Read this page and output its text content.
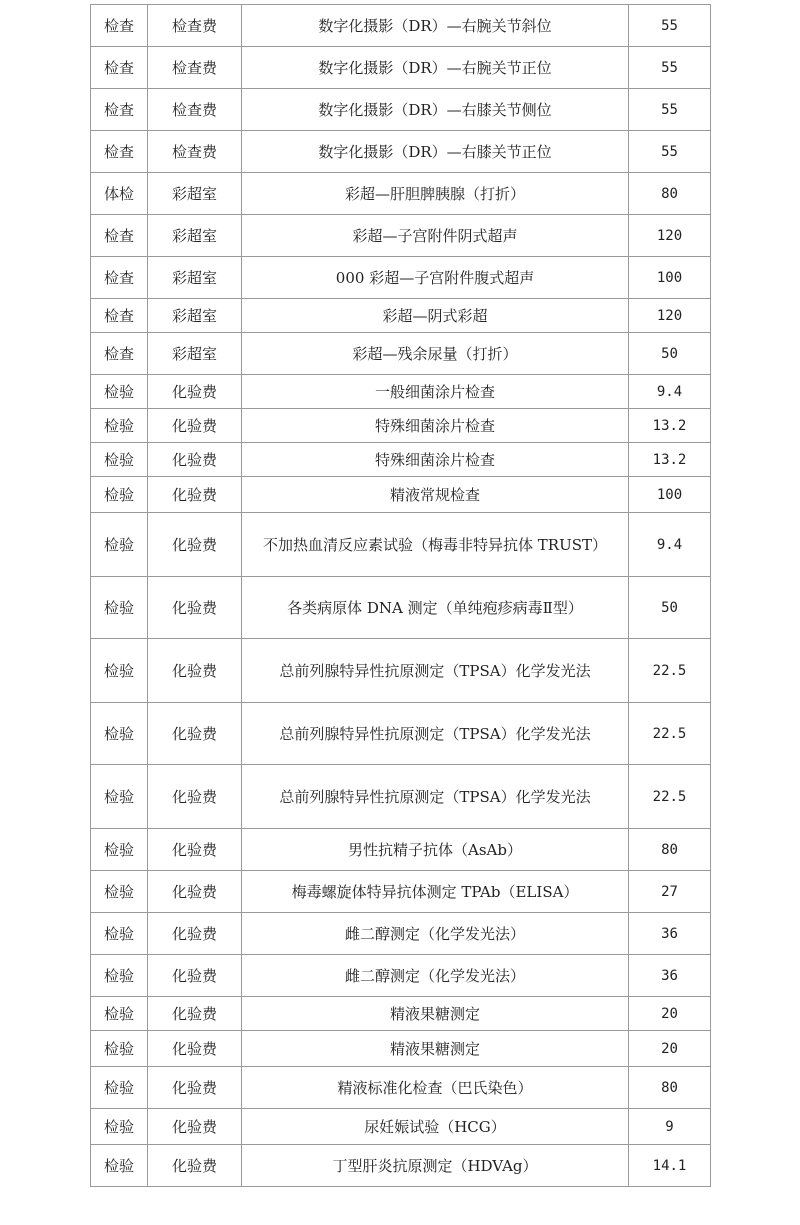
检查	检查费	数字化摄影（DR）—右腕关节斜位	55
检查	检查费	数字化摄影（DR）—右腕关节正位	55
检查	检查费	数字化摄影（DR）—右膝关节侧位	55
检查	检查费	数字化摄影（DR）—右膝关节正位	55
体检	彩超室	彩超—肝胆脾胰腺（打折）	80
检查	彩超室	彩超—子宫附件阴式超声	120
检查	彩超室	000 彩超—子宫附件腹式超声	100
检查	彩超室	彩超—阴式彩超	120
检查	彩超室	彩超—残余尿量（打折）	50
检验	化验费	一般细菌涂片检查	9.4
检验	化验费	特殊细菌涂片检查	13.2
检验	化验费	特殊细菌涂片检查	13.2
检验	化验费	精液常规检查	100
检验	化验费	不加热血清反应素试验（梅毒非特异抗体 TRUST）	9.4
检验	化验费	各类病原体 DNA 测定（单纯疱疹病毒Ⅱ型）	50
检验	化验费	总前列腺特异性抗原测定（TPSA）化学发光法	22.5
检验	化验费	总前列腺特异性抗原测定（TPSA）化学发光法	22.5
检验	化验费	总前列腺特异性抗原测定（TPSA）化学发光法	22.5
检验	化验费	男性抗精子抗体（AsAb）	80
检验	化验费	梅毒螺旋体特异抗体测定 TPAb（ELISA）	27
检验	化验费	雌二醇测定（化学发光法）	36
检验	化验费	雌二醇测定（化学发光法）	36
检验	化验费	精液果糖测定	20
检验	化验费	精液果糖测定	20
检验	化验费	精液标准化检查（巴氏染色）	80
检验	化验费	尿妊娠试验（HCG）	9
检验	化验费	丁型肝炎抗原测定（HDVAg）	14.1
